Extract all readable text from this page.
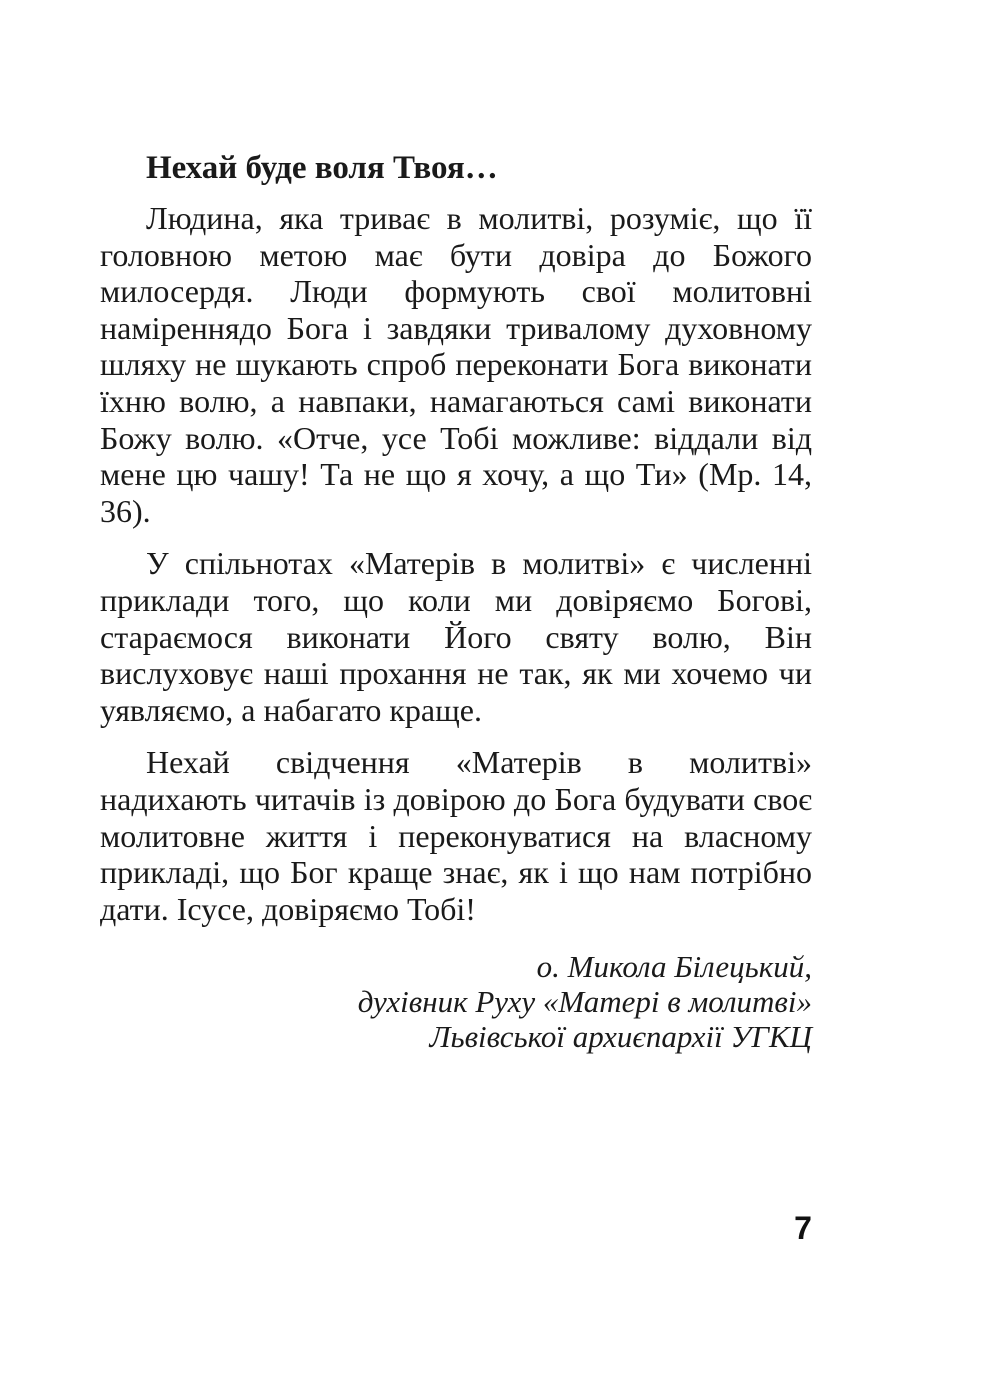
Нехай буде воля Твоя…

Людина, яка триває в молитві, розуміє, що її головною метою має бути довіра до Божого милосердя. Люди формують свої молитовні наміреннядо Бога і завдяки тривалому духовному шляху не шукають спроб переконати Бога виконати їхню волю, а навпаки, намагаються самі виконати Божу волю. «Отче, усе Тобі можливе: віддали від мене цю чашу! Та не що я хочу, а що Ти» (Мр. 14, 36).

У спільнотах «Матерів в молитві» є численні приклади того, що коли ми довіряємо Богові, стараємося виконати Його святу волю, Він вислуховує наші прохання не так, як ми хочемо чи уявляємо, а набагато краще.

Нехай свідчення «Матерів в молитві» надихають читачів із довірою до Бога будувати своє молитовне життя і переконуватися на власному прикладі, що Бог краще знає, як і що нам потрібно дати. Ісусе, довіряємо Тобі!

о. Микола Білецький,
духівник Руху «Матері в молитві»
Львівської архиєпархії УГКЦ
7
